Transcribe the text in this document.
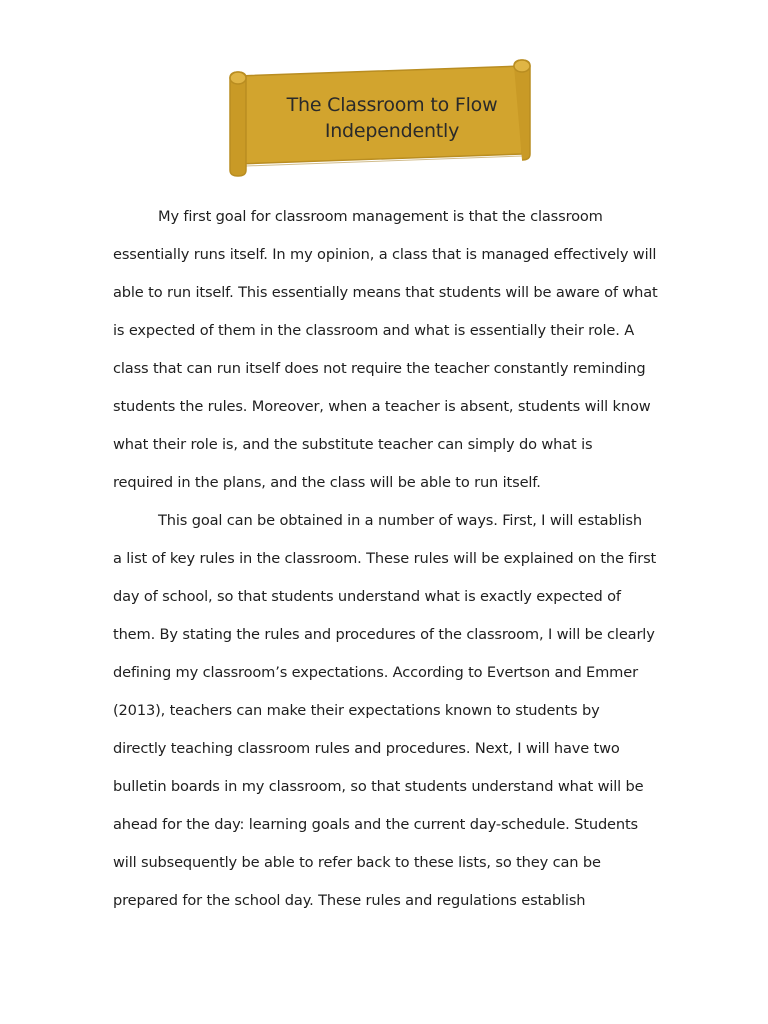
The Classroom to Flow
Independently
My first goal for classroom management is that the classroom
essentially runs itself. In my opinion, a class that is managed effectively will
able to run itself. This essentially means that students will be aware of what
is expected of them in the classroom and what is essentially their role. A
class that can run itself does not require the teacher constantly reminding
students the rules. Moreover, when a teacher is absent, students will know
what their role is, and the substitute teacher can simply do what is
required in the plans, and the class will be able to run itself.
This goal can be obtained in a number of ways. First, I will establish
a list of key rules in the classroom. These rules will be explained on the first
day of school, so that students understand what is exactly expected of
them. By stating the rules and procedures of the classroom, I will be clearly
defining my classroom’s expectations. According to Evertson and Emmer
(2013), teachers can make their expectations known to students by
directly teaching classroom rules and procedures. Next, I will have two
bulletin boards in my classroom, so that students understand what will be
ahead for the day: learning goals and the current day-schedule. Students
will subsequently be able to refer back to these lists, so they can be
prepared for the school day. These rules and regulations establish
